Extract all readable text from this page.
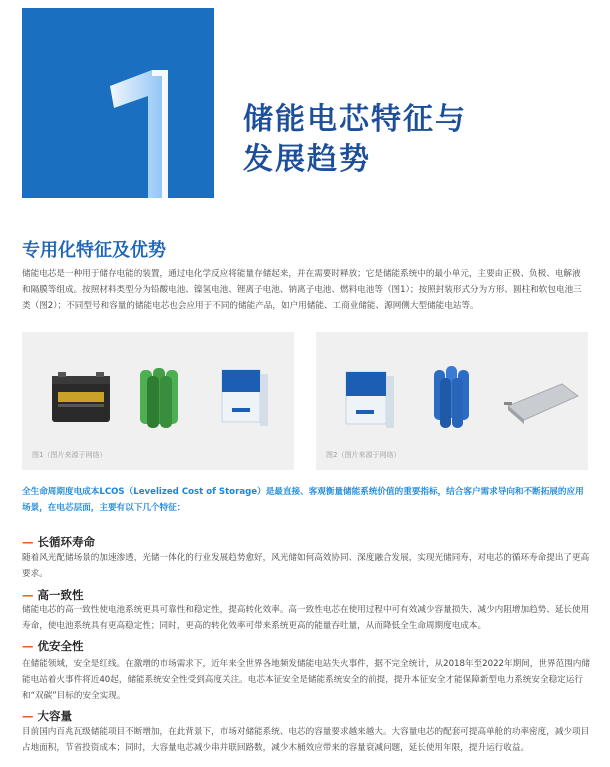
储能电芯特征与
发展趋势
专用化特征及优势
储能电芯是一种用于储存电能的装置，通过电化学反应将能量存储起来，并在需要时释放；它是储能系统中的最小单元，主要由正极、负极、电解液和隔膜等组成。按照材料类型分为铅酸电池、镍氢电池、锂离子电池、钠离子电池、燃料电池等（图1）；按照封装形式分为方形、圆柱和软包电池三类（图2）；不同型号和容量的储能电芯也会应用于不同的储能产品，如户用储能、工商业储能、源网侧大型储能电站等。
图1（图片来源于网络）	图2（图片来源于网络）
全生命周期度电成本LCOS（Levelized Cost of Storage）是最直接、客观衡量储能系统价值的重要指标，结合客户需求导向和不断拓展的应用场景，在电芯层面，主要有以下几个特征：
— 长循环寿命
随着风光配储场景的加速渗透，光储一体化的行业发展趋势愈好，风光储如何高效协同、深度融合发展，实现光储同寿，对电芯的循环寿命提出了更高要求。
— 高一致性
储能电芯的高一致性使电池系统更具可靠性和稳定性，提高转化效率。高一致性电芯在使用过程中可有效减少容量损失、减少内阻增加趋势、延长使用寿命，使电池系统具有更高稳定性；同时，更高的转化效率可带来系统更高的能量吞吐量，从而降低全生命周期度电成本。
— 优安全性
在储能领域，安全是红线。在激增的市场需求下，近年来全世界各地频发储能电站失火事件，据不完全统计，从2018年至2022年期间，世界范围内储能电站着火事件将近40起，储能系统安全性受到高度关注。电芯本征安全是储能系统安全的前提，提升本征安全才能保障新型电力系统安全稳定运行和“双碳”目标的安全实现。
— 大容量
目前国内百兆瓦级储能项目不断增加，在此背景下，市场对储能系统、电芯的容量要求越来越大。大容量电芯的配套可提高单舱的功率密度，减少项目占地面积，节省投资成本；同时，大容量电芯减少串并联回路数，减少木桶效应带来的容量衰减问题，延长使用年限，提升运行收益。
